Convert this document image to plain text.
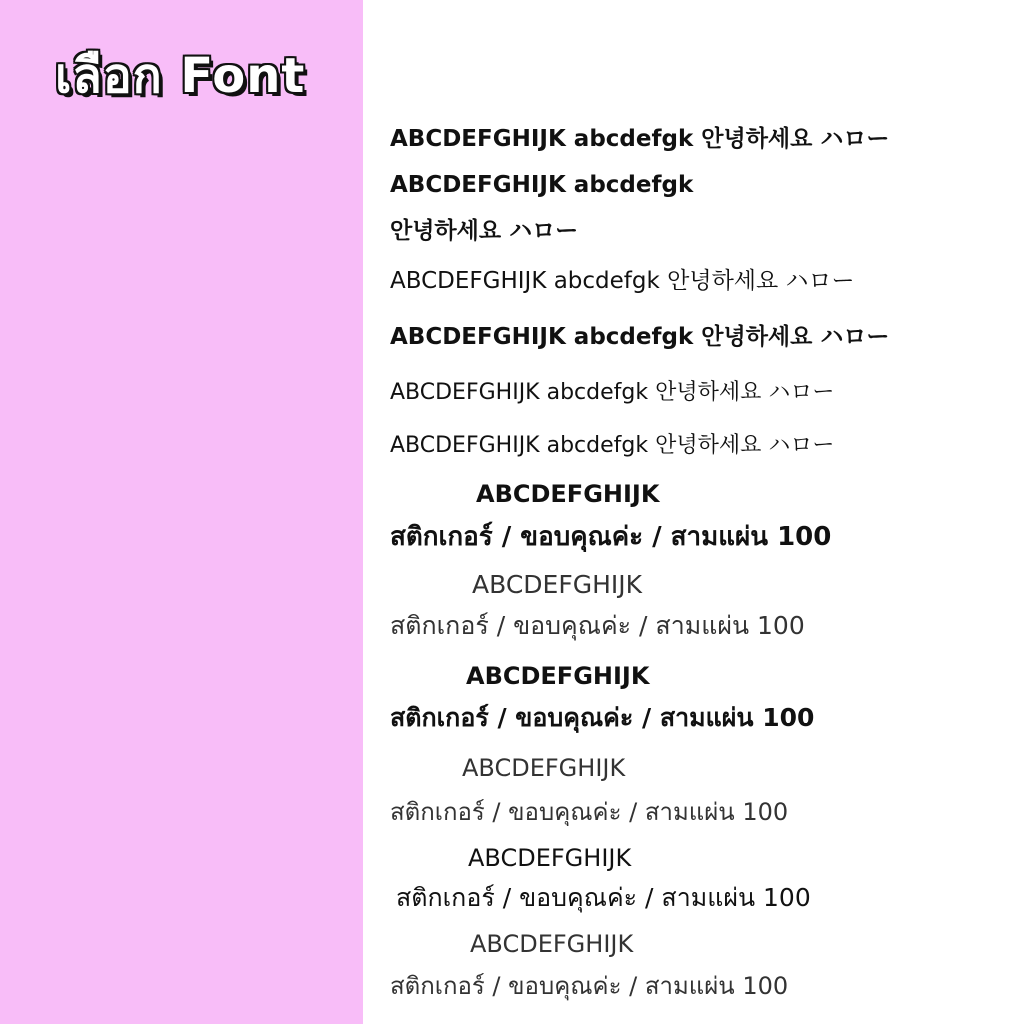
เลือก Font
ABCDEFGHIJK abcdefgk 안녕하세요 ハロー
ABCDEFGHIJK abcdefgk
안녕하세요 ハロー
ABCDEFGHIJK abcdefgk 안녕하세요 ハロー
ABCDEFGHIJK abcdefgk 안녕하세요 ハロー
ABCDEFGHIJK abcdefgk 안녕하세요 ハロー
ABCDEFGHIJK abcdefgk 안녕하세요 ハロー
ABCDEFGHIJK
สติกเกอร์ / ขอบคุณค่ะ / สามแผ่น 100
ABCDEFGHIJK
สติกเกอร์ / ขอบคุณค่ะ / สามแผ่น 100
ABCDEFGHIJK
สติกเกอร์ / ขอบคุณค่ะ / สามแผ่น 100
ABCDEFGHIJK
สติกเกอร์ / ขอบคุณค่ะ / สามแผ่น 100
ABCDEFGHIJK
สติกเกอร์ / ขอบคุณค่ะ / สามแผ่น 100
ABCDEFGHIJK
สติกเกอร์ / ขอบคุณค่ะ / สามแผ่น 100
